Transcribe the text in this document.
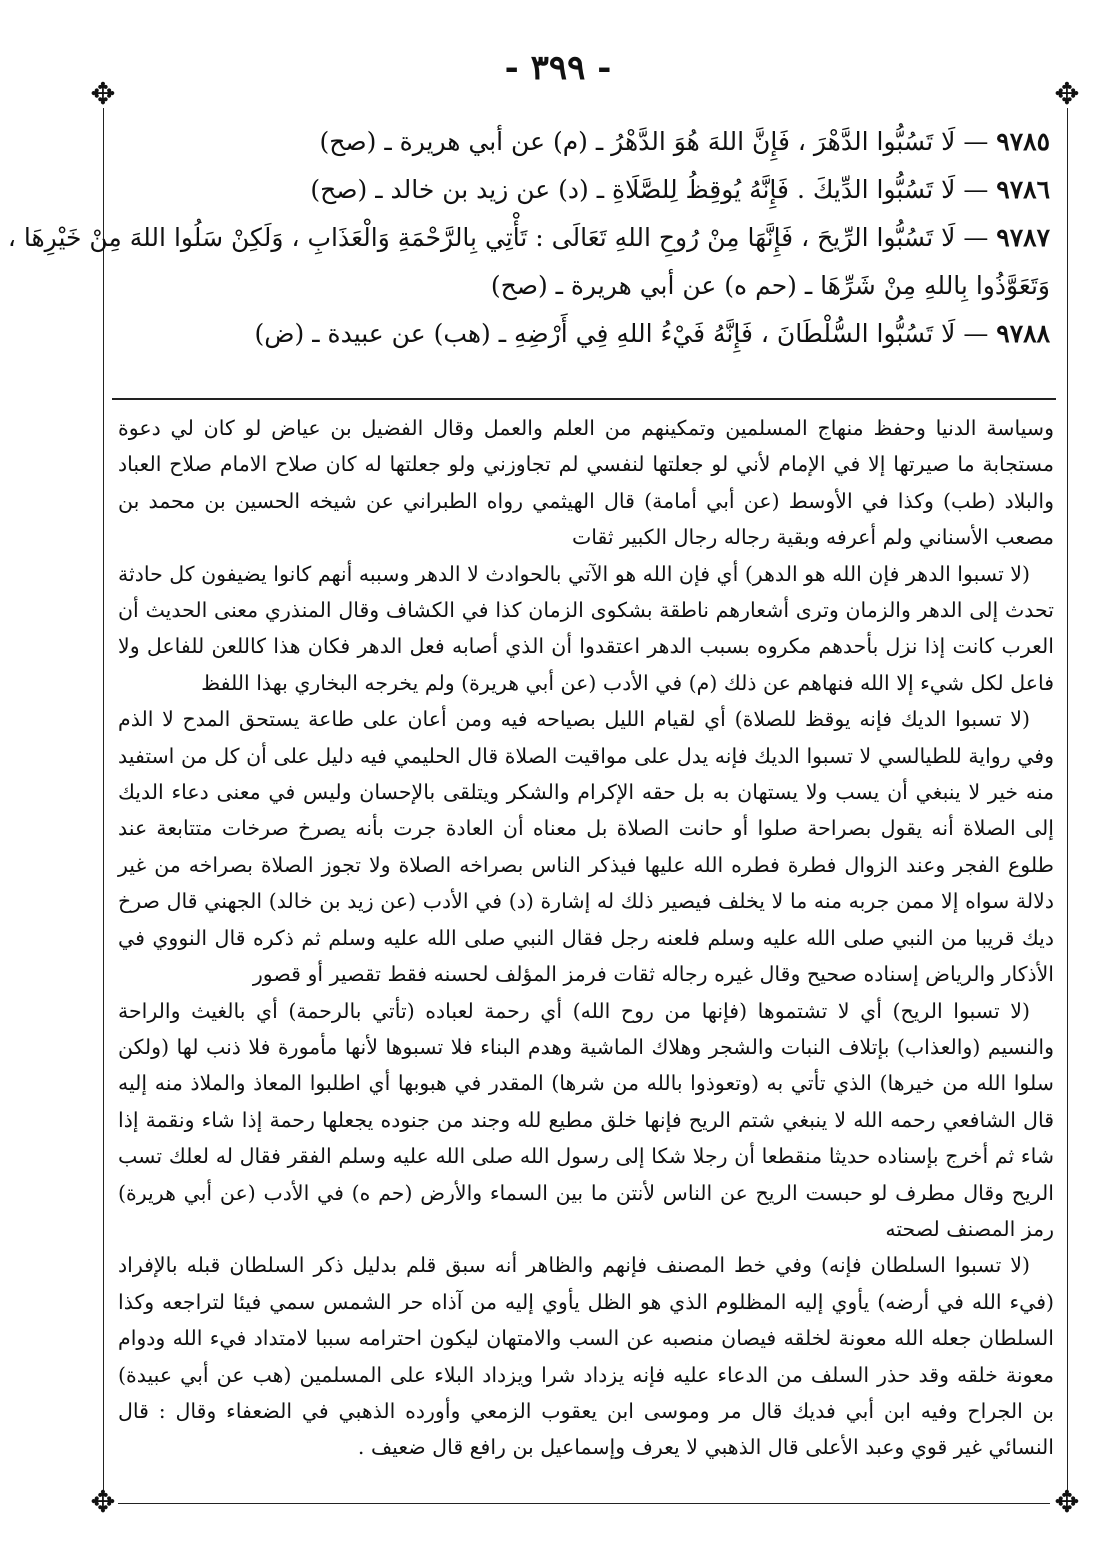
- ٣٩٩ -
✥	✥
✥	✥
٩٧٨٥ — لَا تَسُبُّوا الدَّهْرَ ، فَإِنَّ اللهَ هُوَ الدَّهْرُ ـ (م) عن أبي هريرة ـ (صح)
٩٧٨٦ — لَا تَسُبُّوا الدِّيكَ . فَإِنَّهُ يُوقِظُ لِلصَّلَاةِ ـ (د) عن زيد بن خالد ـ (صح)
٩٧٨٧ — لَا تَسُبُّوا الرِّيحَ ، فَإِنَّهَا مِنْ رُوحِ اللهِ تَعَالَى : تَأْتِي بِالرَّحْمَةِ وَالْعَذَابِ ، وَلَكِنْ سَلُوا اللهَ مِنْ خَيْرِهَا ،
وَتَعَوَّذُوا بِاللهِ مِنْ شَرِّهَا ـ (حم ه) عن أبي هريرة ـ (صح)
٩٧٨٨ — لَا تَسُبُّوا السُّلْطَانَ ، فَإِنَّهُ فَيْءُ اللهِ فِي أَرْضِهِ ـ (هب) عن عبيدة ـ (ض)

وسياسة الدنيا وحفظ منهاج المسلمين وتمكينهم من العلم والعمل وقال الفضيل بن عياض لو كان لي دعوة مستجابة ما صيرتها إلا في الإمام لأني لو جعلتها لنفسي لم تجاوزني ولو جعلتها له كان صلاح الامام صلاح العباد والبلاد (طب) وكذا في الأوسط (عن أبي أمامة) قال الهيثمي رواه الطبراني عن شيخه الحسين بن محمد بن مصعب الأسناني ولم أعرفه وبقية رجاله رجال الكبير ثقات

(لا تسبوا الدهر فإن الله هو الدهر) أي فإن الله هو الآتي بالحوادث لا الدهر وسببه أنهم كانوا يضيفون كل حادثة تحدث إلى الدهر والزمان وترى أشعارهم ناطقة بشكوى الزمان كذا في الكشاف وقال المنذري معنى الحديث أن العرب كانت إذا نزل بأحدهم مكروه بسبب الدهر اعتقدوا أن الذي أصابه فعل الدهر فكان هذا كاللعن للفاعل ولا فاعل لكل شيء إلا الله فنهاهم عن ذلك (م) في الأدب (عن أبي هريرة) ولم يخرجه البخاري بهذا اللفظ

(لا تسبوا الديك فإنه يوقظ للصلاة) أي لقيام الليل بصياحه فيه ومن أعان على طاعة يستحق المدح لا الذم وفي رواية للطيالسي لا تسبوا الديك فإنه يدل على مواقيت الصلاة قال الحليمي فيه دليل على أن كل من استفيد منه خير لا ينبغي أن يسب ولا يستهان به بل حقه الإكرام والشكر ويتلقى بالإحسان وليس في معنى دعاء الديك إلى الصلاة أنه يقول بصراحة صلوا أو حانت الصلاة بل معناه أن العادة جرت بأنه يصرخ صرخات متتابعة عند طلوع الفجر وعند الزوال فطرة فطره الله عليها فيذكر الناس بصراخه الصلاة ولا تجوز الصلاة بصراخه من غير دلالة سواه إلا ممن جربه منه ما لا يخلف فيصير ذلك له إشارة (د) في الأدب (عن زيد بن خالد) الجهني قال صرخ ديك قريبا من النبي صلى الله عليه وسلم فلعنه رجل فقال النبي صلى الله عليه وسلم ثم ذكره قال النووي في الأذكار والرياض إسناده صحيح وقال غيره رجاله ثقات فرمز المؤلف لحسنه فقط تقصير أو قصور

(لا تسبوا الريح) أي لا تشتموها (فإنها من روح الله) أي رحمة لعباده (تأتي بالرحمة) أي بالغيث والراحة والنسيم (والعذاب) بإتلاف النبات والشجر وهلاك الماشية وهدم البناء فلا تسبوها لأنها مأمورة فلا ذنب لها (ولكن سلوا الله من خيرها) الذي تأتي به (وتعوذوا بالله من شرها) المقدر في هبوبها أي اطلبوا المعاذ والملاذ منه إليه قال الشافعي رحمه الله لا ينبغي شتم الريح فإنها خلق مطيع لله وجند من جنوده يجعلها رحمة إذا شاء ونقمة إذا شاء ثم أخرج بإسناده حديثا منقطعا أن رجلا شكا إلى رسول الله صلى الله عليه وسلم الفقر فقال له لعلك تسب الريح وقال مطرف لو حبست الريح عن الناس لأنتن ما بين السماء والأرض (حم ه) في الأدب (عن أبي هريرة) رمز المصنف لصحته

(لا تسبوا السلطان فإنه) وفي خط المصنف فإنهم والظاهر أنه سبق قلم بدليل ذكر السلطان قبله بالإفراد (فيء الله في أرضه) يأوي إليه المظلوم الذي هو الظل يأوي إليه من آذاه حر الشمس سمي فيئا لتراجعه وكذا السلطان جعله الله معونة لخلقه فيصان منصبه عن السب والامتهان ليكون احترامه سببا لامتداد فيء الله ودوام معونة خلقه وقد حذر السلف من الدعاء عليه فإنه يزداد شرا ويزداد البلاء على المسلمين (هب عن أبي عبيدة) بن الجراح وفيه ابن أبي فديك قال مر وموسى ابن يعقوب الزمعي وأورده الذهبي في الضعفاء وقال : قال النسائي غير قوي وعبد الأعلى قال الذهبي لا يعرف وإسماعيل بن رافع قال ضعيف .
